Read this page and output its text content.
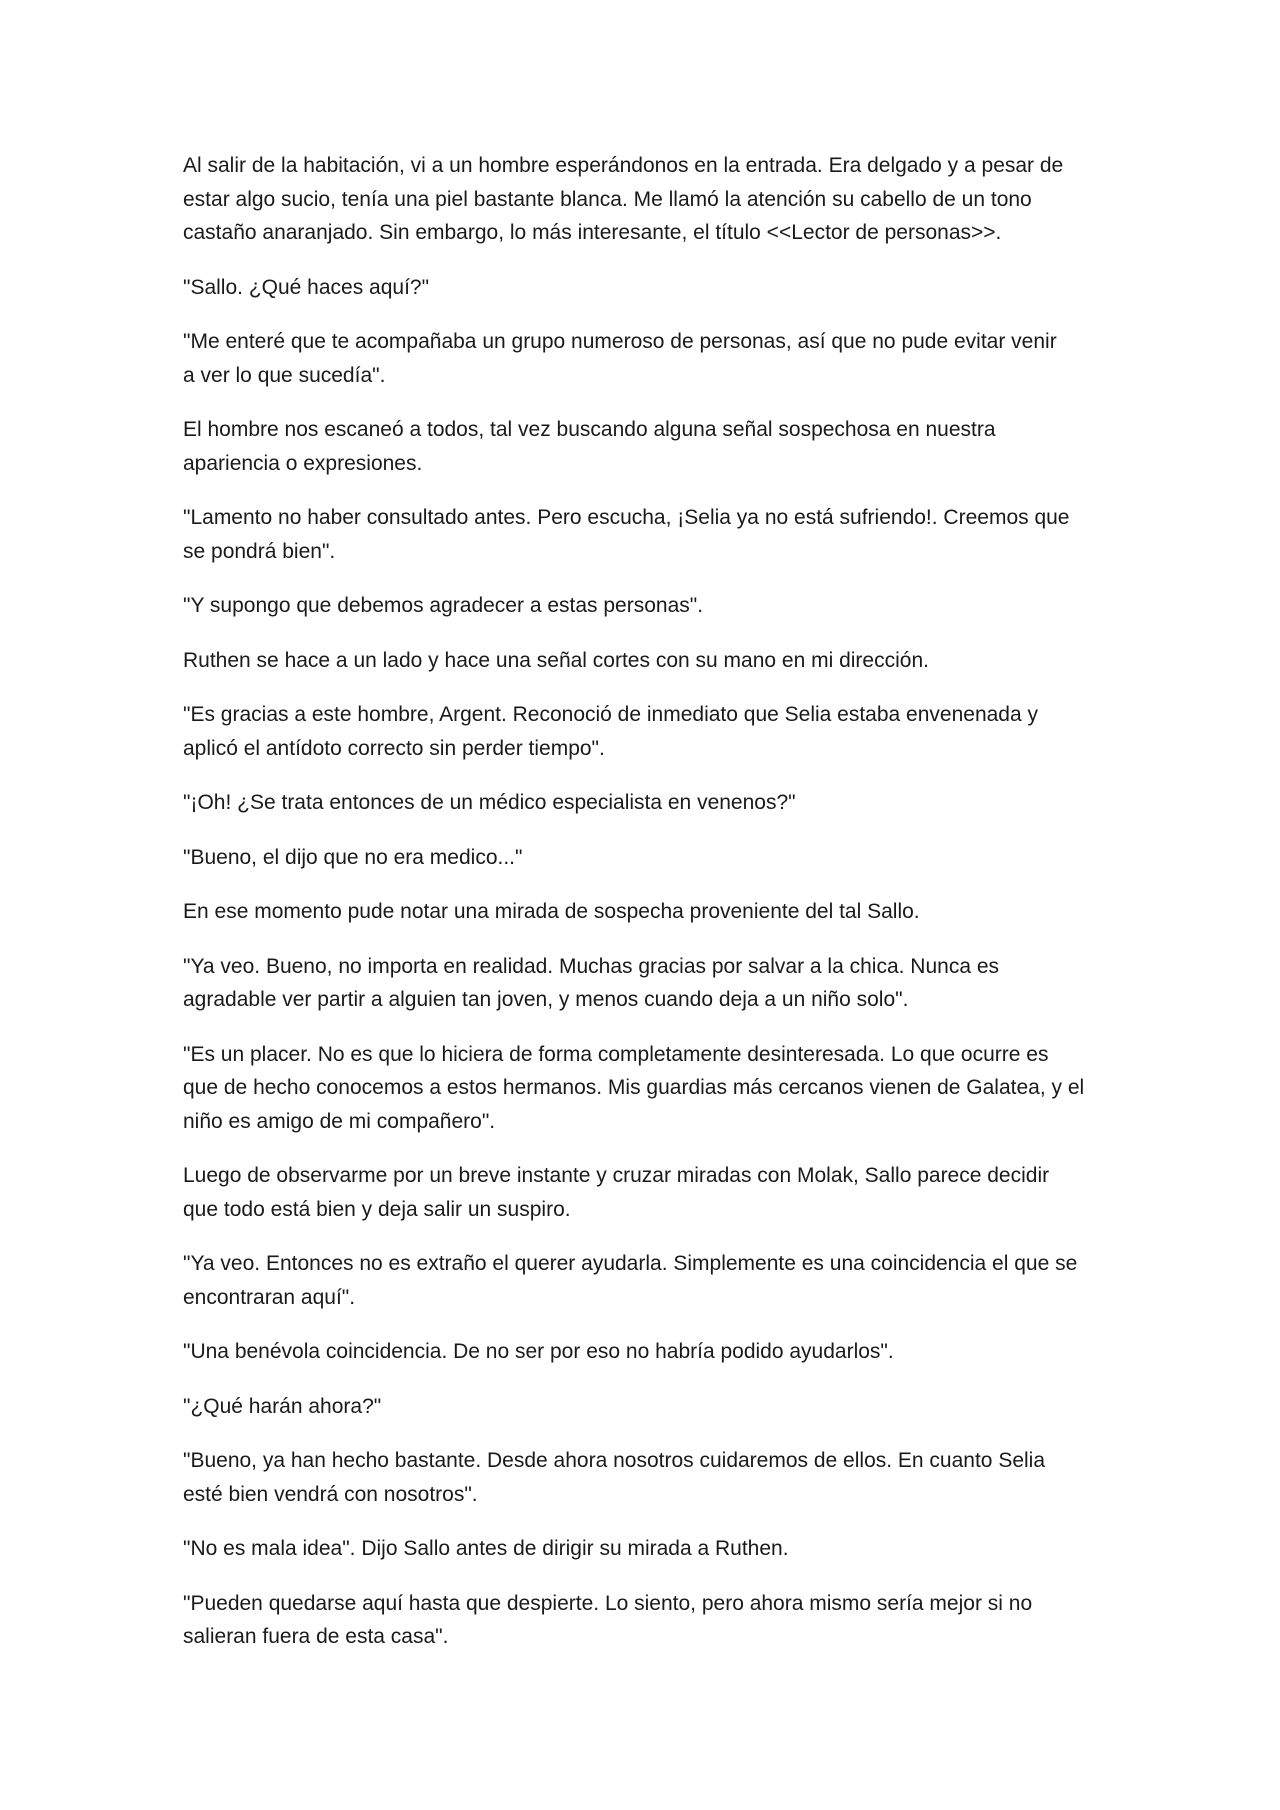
Al salir de la habitación, vi a un hombre esperándonos en la entrada. Era delgado y a pesar de
estar algo sucio, tenía una piel bastante blanca. Me llamó la atención su cabello de un tono
castaño anaranjado. Sin embargo, lo más interesante, el título <<Lector de personas>>.

"Sallo. ¿Qué haces aquí?"

"Me enteré que te acompañaba un grupo numeroso de personas, así que no pude evitar venir
a ver lo que sucedía".

El hombre nos escaneó a todos, tal vez buscando alguna señal sospechosa en nuestra
apariencia o expresiones.

"Lamento no haber consultado antes. Pero escucha, ¡Selia ya no está sufriendo!. Creemos que
se pondrá bien".

"Y supongo que debemos agradecer a estas personas".

Ruthen se hace a un lado y hace una señal cortes con su mano en mi dirección.

"Es gracias a este hombre, Argent. Reconoció de inmediato que Selia estaba envenenada y
aplicó el antídoto correcto sin perder tiempo".

"¡Oh! ¿Se trata entonces de un médico especialista en venenos?"

"Bueno, el dijo que no era medico..."

En ese momento pude notar una mirada de sospecha proveniente del tal Sallo.

"Ya veo. Bueno, no importa en realidad. Muchas gracias por salvar a la chica. Nunca es
agradable ver partir a alguien tan joven, y menos cuando deja a un niño solo".

"Es un placer. No es que lo hiciera de forma completamente desinteresada. Lo que ocurre es
que de hecho conocemos a estos hermanos. Mis guardias más cercanos vienen de Galatea, y el
niño es amigo de mi compañero".

Luego de observarme por un breve instante y cruzar miradas con Molak, Sallo parece decidir
que todo está bien y deja salir un suspiro.

"Ya veo. Entonces no es extraño el querer ayudarla. Simplemente es una coincidencia el que se
encontraran aquí".

"Una benévola coincidencia. De no ser por eso no habría podido ayudarlos".

"¿Qué harán ahora?"

"Bueno, ya han hecho bastante. Desde ahora nosotros cuidaremos de ellos. En cuanto Selia
esté bien vendrá con nosotros".

"No es mala idea". Dijo Sallo antes de dirigir su mirada a Ruthen.

"Pueden quedarse aquí hasta que despierte. Lo siento, pero ahora mismo sería mejor si no
salieran fuera de esta casa".
